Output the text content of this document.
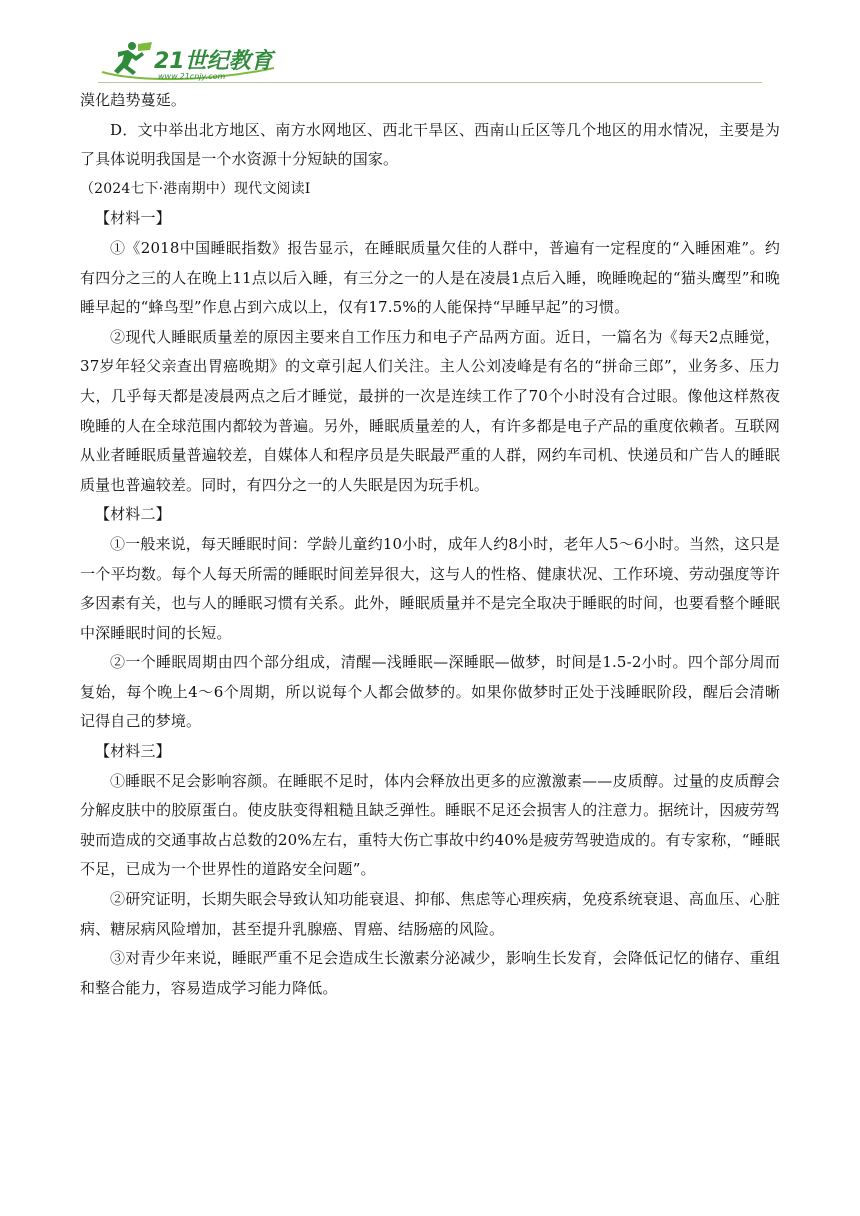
21世纪教育
www.21cnjy.com

漠化趋势蔓延。

D．文中举出北方地区、南方水网地区、西北干旱区、西南山丘区等几个地区的用水情况，主要是为了具体说明我国是一个水资源十分短缺的国家。

（2024七下·港南期中）现代文阅读Ⅰ

【材料一】

①《2018中国睡眠指数》报告显示，在睡眠质量欠佳的人群中，普遍有一定程度的“入睡困难”。约有四分之三的人在晚上11点以后入睡，有三分之一的人是在凌晨1点后入睡，晚睡晚起的“猫头鹰型”和晚睡早起的“蜂鸟型”作息占到六成以上，仅有17.5%的人能保持“早睡早起”的习惯。

②现代人睡眠质量差的原因主要来自工作压力和电子产品两方面。近日，一篇名为《每天2点睡觉，37岁年轻父亲查出胃癌晚期》的文章引起人们关注。主人公刘凌峰是有名的“拼命三郎”，业务多、压力大，几乎每天都是凌晨两点之后才睡觉，最拼的一次是连续工作了70个小时没有合过眼。像他这样熬夜晚睡的人在全球范围内都较为普遍。另外，睡眠质量差的人，有许多都是电子产品的重度依赖者。互联网从业者睡眠质量普遍较差，自媒体人和程序员是失眠最严重的人群，网约车司机、快递员和广告人的睡眠质量也普遍较差。同时，有四分之一的人失眠是因为玩手机。

【材料二】

①一般来说，每天睡眠时间：学龄儿童约10小时，成年人约8小时，老年人5～6小时。当然，这只是一个平均数。每个人每天所需的睡眠时间差异很大，这与人的性格、健康状况、工作环境、劳动强度等许多因素有关，也与人的睡眠习惯有关系。此外，睡眠质量并不是完全取决于睡眠的时间，也要看整个睡眠中深睡眠时间的长短。

②一个睡眠周期由四个部分组成，清醒—浅睡眠—深睡眠—做梦，时间是1.5-2小时。四个部分周而复始，每个晚上4～6个周期，所以说每个人都会做梦的。如果你做梦时正处于浅睡眠阶段，醒后会清晰记得自己的梦境。

【材料三】

①睡眠不足会影响容颜。在睡眠不足时，体内会释放出更多的应激激素——皮质醇。过量的皮质醇会分解皮肤中的胶原蛋白。使皮肤变得粗糙且缺乏弹性。睡眠不足还会损害人的注意力。据统计，因疲劳驾驶而造成的交通事故占总数的20%左右，重特大伤亡事故中约40%是疲劳驾驶造成的。有专家称，“睡眠不足，已成为一个世界性的道路安全问题”。

②研究证明，长期失眠会导致认知功能衰退、抑郁、焦虑等心理疾病，免疫系统衰退、高血压、心脏病、糖尿病风险增加，甚至提升乳腺癌、胃癌、结肠癌的风险。

③对青少年来说，睡眠严重不足会造成生长激素分泌减少，影响生长发育，会降低记忆的储存、重组和整合能力，容易造成学习能力降低。
